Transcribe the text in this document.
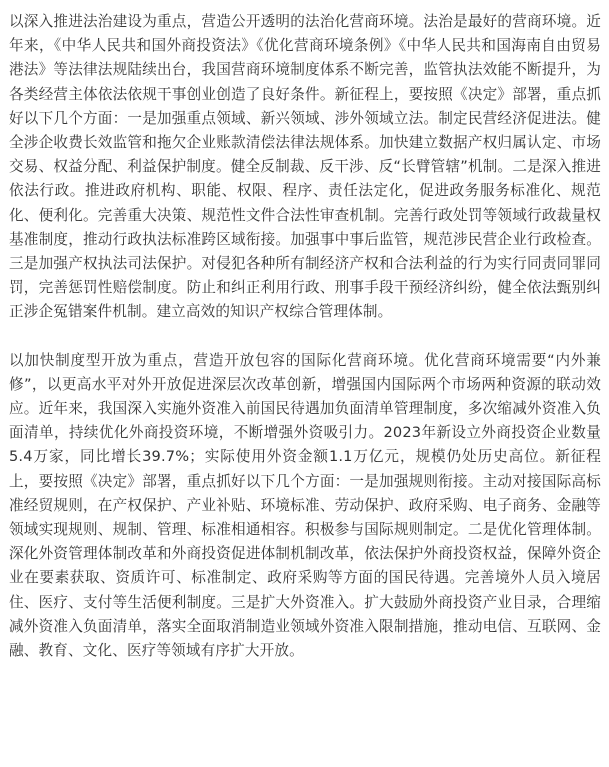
以深入推进法治建设为重点，营造公开透明的法治化营商环境。法治是最好的营商环境。近年来，《中华人民共和国外商投资法》《优化营商环境条例》《中华人民共和国海南自由贸易港法》等法律法规陆续出台，我国营商环境制度体系不断完善，监管执法效能不断提升，为各类经营主体依法依规干事创业创造了良好条件。新征程上，要按照《决定》部署，重点抓好以下几个方面：一是加强重点领域、新兴领域、涉外领域立法。制定民营经济促进法。健全涉企收费长效监管和拖欠企业账款清偿法律法规体系。加快建立数据产权归属认定、市场交易、权益分配、利益保护制度。健全反制裁、反干涉、反“长臂管辖”机制。二是深入推进依法行政。推进政府机构、职能、权限、程序、责任法定化，促进政务服务标准化、规范化、便利化。完善重大决策、规范性文件合法性审查机制。完善行政处罚等领域行政裁量权基准制度，推动行政执法标准跨区域衔接。加强事中事后监管，规范涉民营企业行政检查。三是加强产权执法司法保护。对侵犯各种所有制经济产权和合法利益的行为实行同责同罪同罚，完善惩罚性赔偿制度。防止和纠正利用行政、刑事手段干预经济纠纷，健全依法甄别纠正涉企冤错案件机制。建立高效的知识产权综合管理体制。

以加快制度型开放为重点，营造开放包容的国际化营商环境。优化营商环境需要“内外兼修”，以更高水平对外开放促进深层次改革创新，增强国内国际两个市场两种资源的联动效应。近年来，我国深入实施外资准入前国民待遇加负面清单管理制度，多次缩减外资准入负面清单，持续优化外商投资环境，不断增强外资吸引力。2023年新设立外商投资企业数量5.4万家，同比增长39.7%；实际使用外资金额1.1万亿元，规模仍处历史高位。新征程上，要按照《决定》部署，重点抓好以下几个方面：一是加强规则衔接。主动对接国际高标准经贸规则，在产权保护、产业补贴、环境标准、劳动保护、政府采购、电子商务、金融等领域实现规则、规制、管理、标准相通相容。积极参与国际规则制定。二是优化管理体制。深化外资管理体制改革和外商投资促进体制机制改革，依法保护外商投资权益，保障外资企业在要素获取、资质许可、标准制定、政府采购等方面的国民待遇。完善境外人员入境居住、医疗、支付等生活便利制度。三是扩大外资准入。扩大鼓励外商投资产业目录，合理缩减外资准入负面清单，落实全面取消制造业领域外资准入限制措施，推动电信、互联网、金融、教育、文化、医疗等领域有序扩大开放。
